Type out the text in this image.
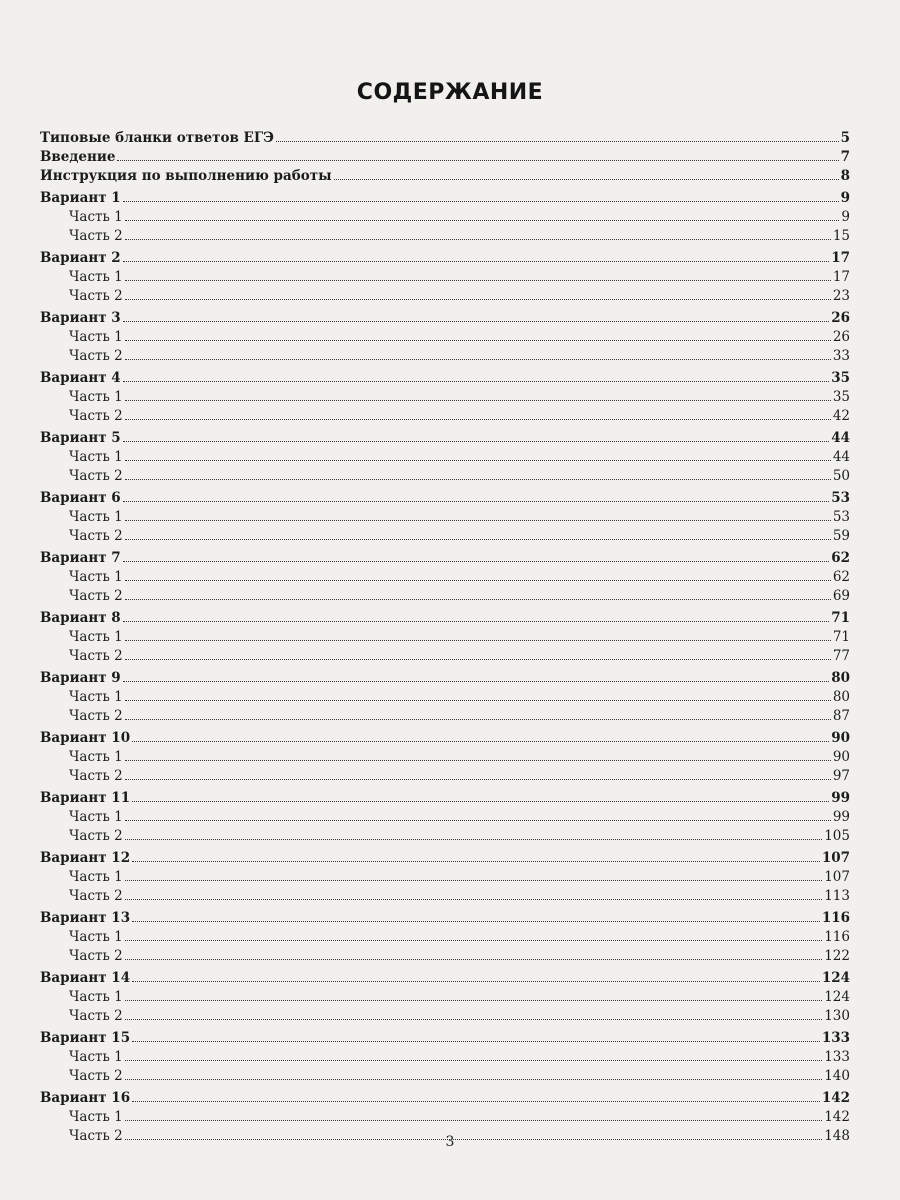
СОДЕРЖАНИЕ
Типовые бланки ответов ЕГЭ	5
Введение	7
Инструкция по выполнению работы	8
Вариант 1	9
Часть 1	9
Часть 2	15
Вариант 2	17
Часть 1	17
Часть 2	23
Вариант 3	26
Часть 1	26
Часть 2	33
Вариант 4	35
Часть 1	35
Часть 2	42
Вариант 5	44
Часть 1	44
Часть 2	50
Вариант 6	53
Часть 1	53
Часть 2	59
Вариант 7	62
Часть 1	62
Часть 2	69
Вариант 8	71
Часть 1	71
Часть 2	77
Вариант 9	80
Часть 1	80
Часть 2	87
Вариант 10	90
Часть 1	90
Часть 2	97
Вариант 11	99
Часть 1	99
Часть 2	105
Вариант 12	107
Часть 1	107
Часть 2	113
Вариант 13	116
Часть 1	116
Часть 2	122
Вариант 14	124
Часть 1	124
Часть 2	130
Вариант 15	133
Часть 1	133
Часть 2	140
Вариант 16	142
Часть 1	142
Часть 2	148
3
